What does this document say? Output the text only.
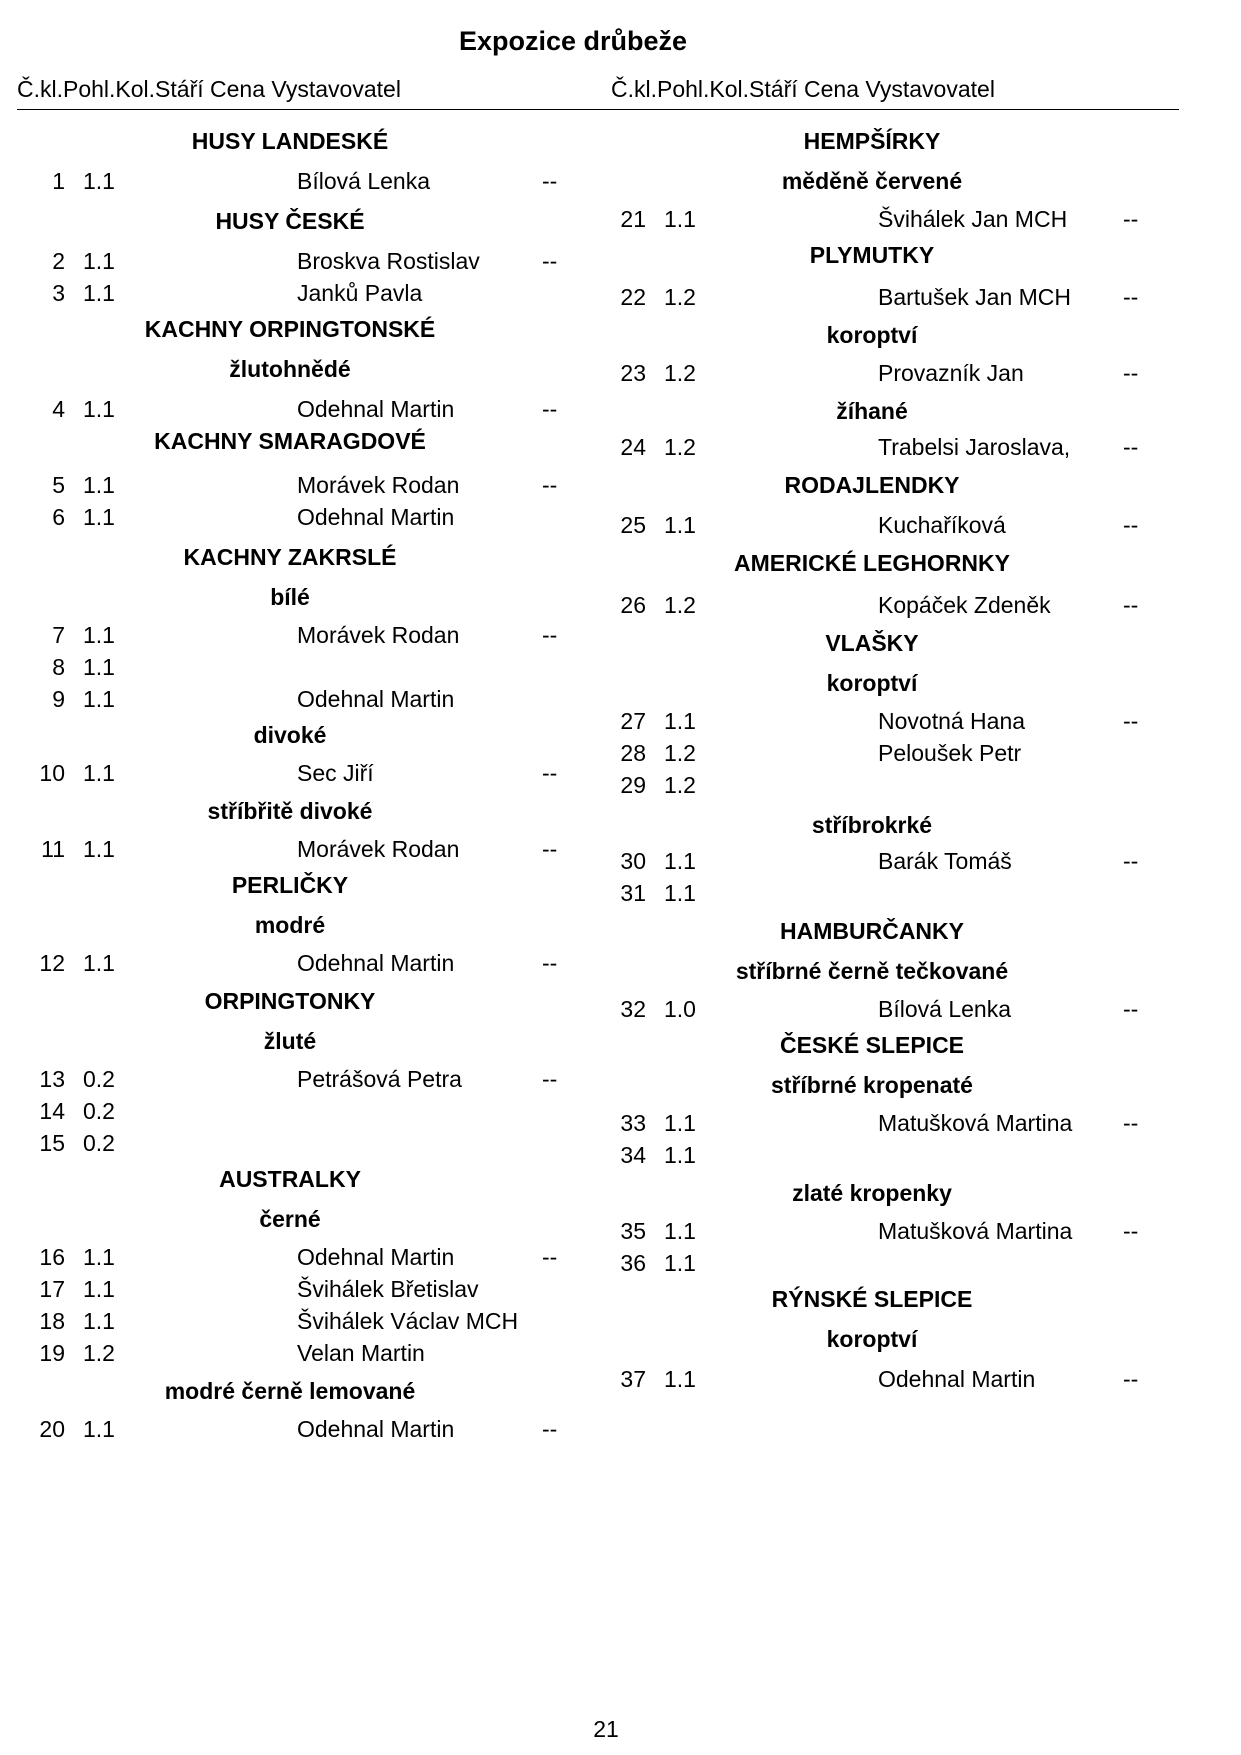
Expozice drůbeže
Č.kl.Pohl.Kol.Stáří Cena Vystavovatel	Č.kl.Pohl.Kol.Stáří Cena Vystavovatel
HUSY LANDESKÉ
1 1.1	Bílová Lenka	--
HUSY ČESKÉ
2 1.1	Broskva Rostislav	--
3 1.1	Janků Pavla
KACHNY ORPINGTONSKÉ
žlutohnědé
4 1.1	Odehnal Martin	--
KACHNY SMARAGDOVÉ
5 1.1	Morávek Rodan	--
6 1.1	Odehnal Martin
KACHNY ZAKRSLÉ
bílé
7 1.1	Morávek Rodan	--
8 1.1
9 1.1	Odehnal Martin
divoké
10 1.1	Sec Jiří	--
stříbřitě divoké
11 1.1	Morávek Rodan	--
PERLIČKY
modré
12 1.1	Odehnal Martin	--
ORPINGTONKY
žluté
13 0.2	Petrášová Petra	--
14 0.2
15 0.2
AUSTRALKY
černé
16 1.1	Odehnal Martin	--
17 1.1	Švihálek Břetislav
18 1.1	Švihálek Václav MCH
19 1.2	Velan Martin
modré černě lemované
20 1.1	Odehnal Martin	--
HEMPŠÍRKY
měděně červené
21 1.1	Švihálek Jan MCH --
PLYMUTKY
22 1.2	Bartušek Jan MCH --
koroptví
23 1.2	Provazník Jan	--
žíhané
24 1.2	Trabelsi Jaroslava, --
RODAJLENDKY
25 1.1	Kuchaříková	--
AMERICKÉ LEGHORNKY
26 1.2	Kopáček Zdeněk	--
VLAŠKY
koroptví
27 1.1	Novotná Hana	--
28 1.2	Peloušek Petr
29 1.2
stříbrokrké
30 1.1	Barák Tomáš	--
31 1.1
HAMBURČANKY
stříbrné černě tečkované
32 1.0	Bílová Lenka	--
ČESKÉ SLEPICE
stříbrné kropenaté
33 1.1	Matušková Martina --
34 1.1
zlaté kropenky
35 1.1	Matušková Martina --
36 1.1
RÝNSKÉ SLEPICE
koroptví
37 1.1	Odehnal Martin	--
21
